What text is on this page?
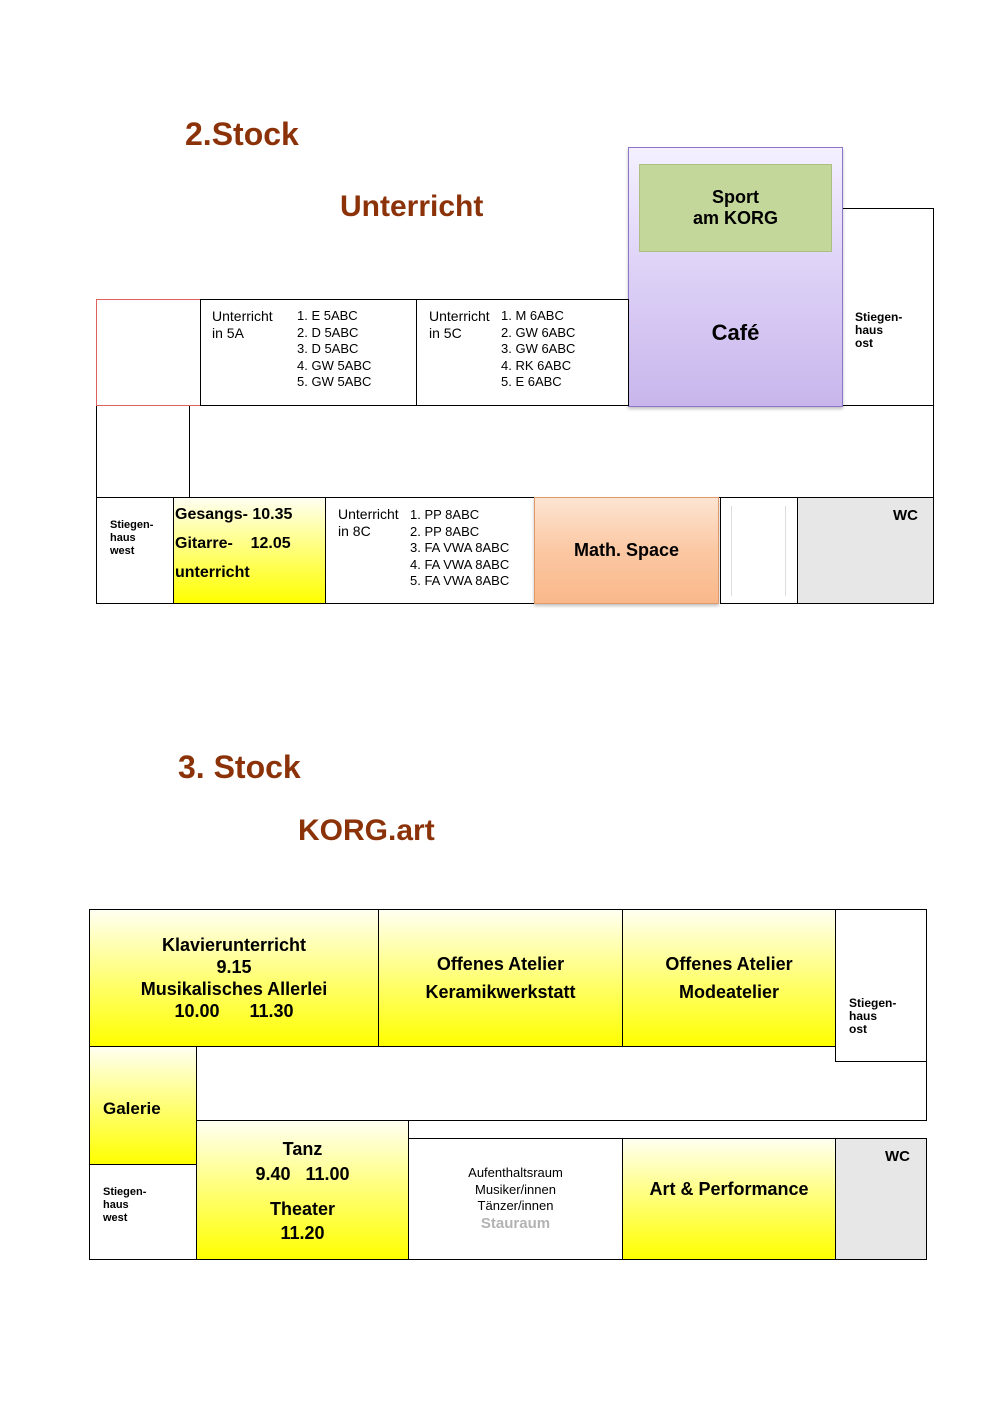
2.Stock
Unterricht
Stiegen-
haus
ost
Café
Sport
am KORG
Unterricht
in 5A
1. E 5ABC
2. D 5ABC
3. D 5ABC
4. GW 5ABC
5. GW 5ABC
Unterricht
in 5C
1. M 6ABC
2. GW 6ABC
3. GW 6ABC
4. RK 6ABC
5. E 6ABC
Stiegen-
haus
west
Gesangs- 10.35
Gitarre-    12.05
unterricht
Unterricht
in 8C
1. PP 8ABC
2. PP 8ABC
3. FA VWA 8ABC
4. FA VWA 8ABC
5. FA VWA 8ABC
Math. Space
WC
3. Stock
KORG.art
Klavierunterricht
9.15
Musikalisches Allerlei
10.00      11.30
Offenes Atelier
Keramikwerkstatt
Offenes Atelier
Modeatelier
Stiegen-
haus
ost
Galerie
Stiegen-
haus
west
Tanz
9.40   11.00
Theater
11.20
Aufenthaltsraum
Musiker/innen
Tänzer/innen
Stauraum
Art & Performance
WC
